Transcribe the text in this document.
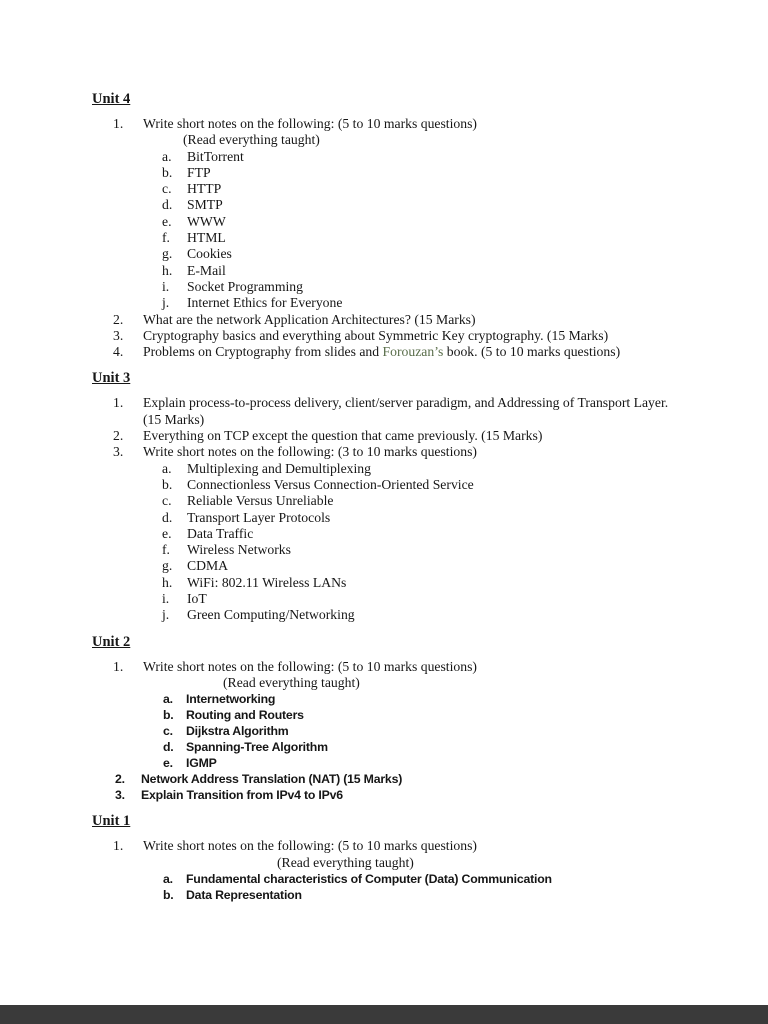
Unit 4
1.	Write short notes on the following: (5 to 10 marks questions)
(Read everything taught)
a.	BitTorrent
b.	FTP
c.	HTTP
d.	SMTP
e.	WWW
f.	HTML
g.	Cookies
h.	E-Mail
i.	Socket Programming
j.	Internet Ethics for Everyone
2.	What are the network Application Architectures? (15 Marks)
3.	Cryptography basics and everything about Symmetric Key cryptography. (15 Marks)
4.	Problems on Cryptography from slides and Forouzan’s book. (5 to 10 marks questions)
Unit 3
1.	Explain process-to-process delivery, client/server paradigm, and Addressing of Transport Layer. (15 Marks)
2.	Everything on TCP except the question that came previously. (15 Marks)
3.	Write short notes on the following: (3 to 10 marks questions)
a.	Multiplexing and Demultiplexing
b.	Connectionless Versus Connection-Oriented Service
c.	Reliable Versus Unreliable
d.	Transport Layer Protocols
e.	Data Traffic
f.	Wireless Networks
g.	CDMA
h.	WiFi: 802.11 Wireless LANs
i.	IoT
j.	Green Computing/Networking
Unit 2
1.	Write short notes on the following: (5 to 10 marks questions)
(Read everything taught)
a.	Internetworking
b.	Routing and Routers
c.	Dijkstra Algorithm
d.	Spanning-Tree Algorithm
e.	IGMP
2.	Network Address Translation (NAT) (15 Marks)
3.	Explain Transition from IPv4 to IPv6
Unit 1
1.	Write short notes on the following: (5 to 10 marks questions)
(Read everything taught)
a.	Fundamental characteristics of Computer (Data) Communication
b.	Data Representation
